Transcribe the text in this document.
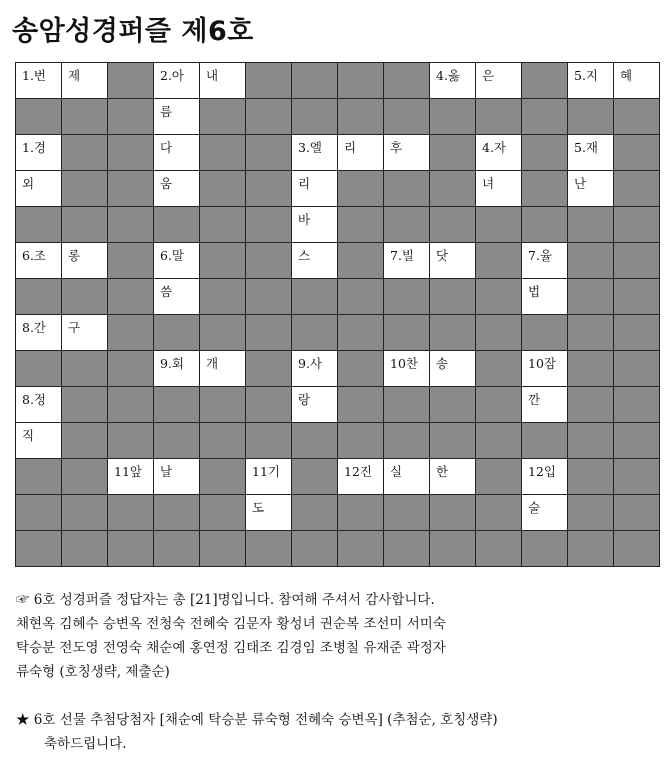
송암성경퍼즐 제6호
1.번	제		2.아	내					4.옳	은		5.지	혜

			름										

1.경			다			3.엘	리	후		4.자		5.재	

외			움			리				녀		난	

						바							

6.조	롱		6.말			스		7.빌	닷		7.율		

			씀								법		

8.간	구												

			9.회	개		9.사		10찬	송		10잠		

8.정						랑					깐		

직													

		11앞	날		11기		12진	실	한		12입		

					도						술		

☞ 6호 성경퍼즐 정답자는 총 [21]명입니다. 참여해 주셔서 감사합니다.
채현옥 김혜수 승변옥 전청숙 전혜숙 김문자 황성녀 권순복 조선미 서미숙
탁승분 전도영 전영숙 채순예 홍연정 김태조 김경임 조병칠 유재준 곽정자
류숙형 (호칭생략, 제출순)
★ 6호 선물 추첨당첨자 [채순예 탁승분 류숙형 전혜숙 승변옥] (추첨순, 호칭생략)
축하드립니다.
